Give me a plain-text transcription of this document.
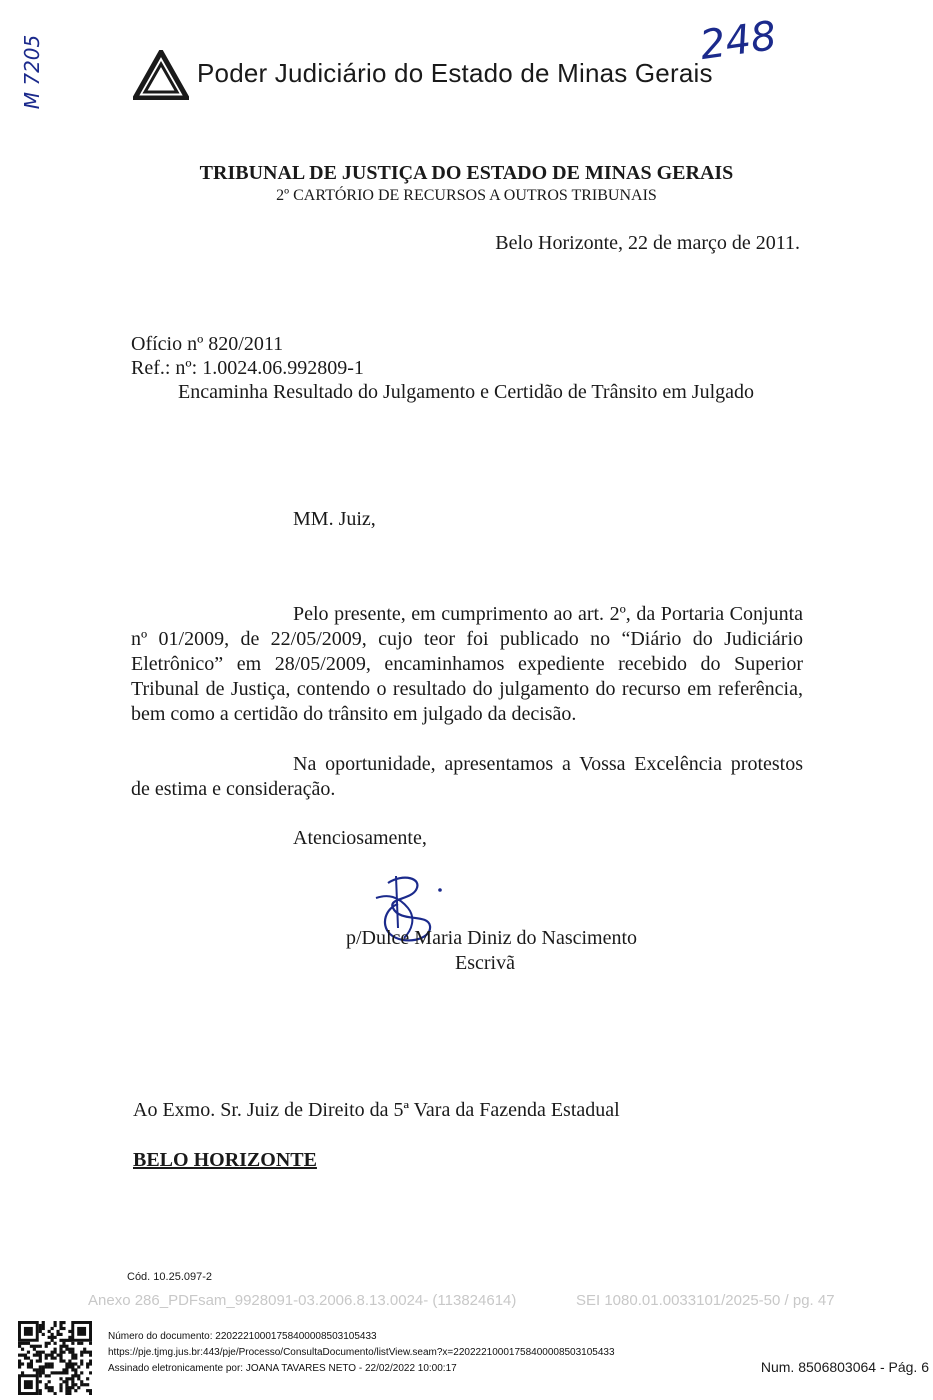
M 7205	248
Poder Judiciário do Estado de Minas Gerais
TRIBUNAL DE JUSTIÇA DO ESTADO DE MINAS GERAIS
2º CARTÓRIO DE RECURSOS A OUTROS TRIBUNAIS
Belo Horizonte, 22 de março de 2011.
Ofício nº 820/2011
Ref.: nº: 1.0024.06.992809-1
Encaminha Resultado do Julgamento e Certidão de Trânsito em Julgado
MM. Juiz,
Pelo presente, em cumprimento ao art. 2º, da Portaria Conjunta nº 01/2009, de 22/05/2009, cujo teor foi publicado no “Diário do Judiciário Eletrônico” em 28/05/2009, encaminhamos expediente recebido do Superior Tribunal de Justiça, contendo o resultado do julgamento do recurso em referência, bem como a certidão do trânsito em julgado da decisão.
Na oportunidade, apresentamos a Vossa Excelência protestos de estima e consideração.
Atenciosamente,
p/Dulce Maria Diniz do Nascimento
Escrivã
Ao Exmo. Sr. Juiz de Direito da 5ª Vara da Fazenda Estadual
BELO HORIZONTE
Cód. 10.25.097-2
Anexo 286_PDFsam_9928091-03.2006.8.13.0024- (113824614)	SEI 1080.01.0033101/2025-50 / pg. 47
Número do documento: 22022210001758400008503105433
https://pje.tjmg.jus.br:443/pje/Processo/ConsultaDocumento/listView.seam?x=22022210001758400008503105433
Assinado eletronicamente por: JOANA TAVARES NETO - 22/02/2022 10:00:17	Num. 8506803064 - Pág. 6
